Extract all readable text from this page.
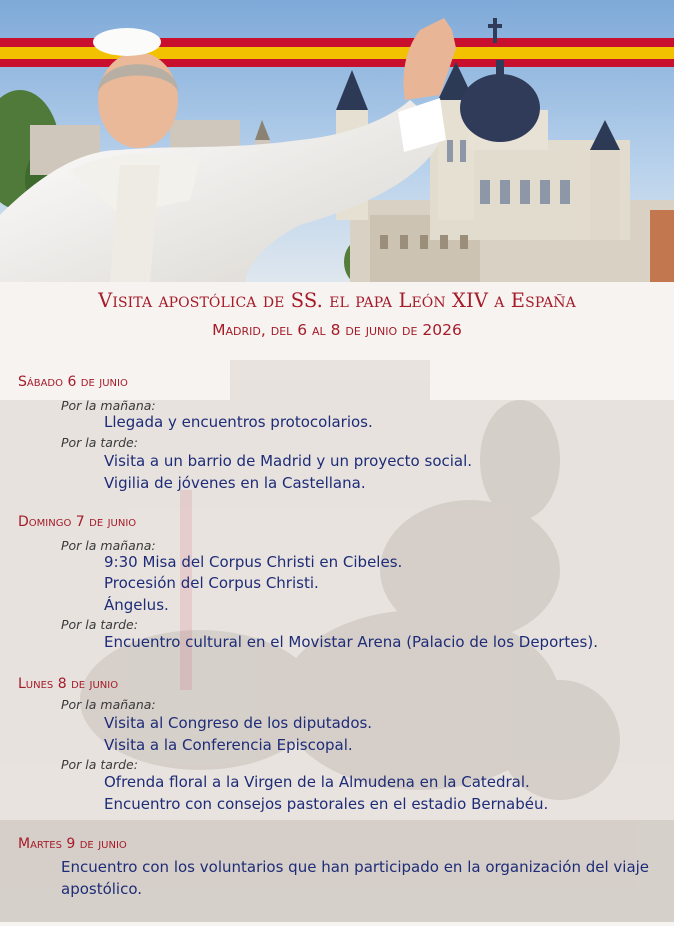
Visita apostólica de SS. el papa León XIV a España
Madrid, del 6 al 8 de junio de 2026
Sábado 6 de junio
Por la mañana:
Llegada y encuentros protocolarios.
Por la tarde:
Visita a un barrio de Madrid y un proyecto social.
Vigilia de jóvenes en la Castellana.
Domingo 7 de junio
Por la mañana:
9:30 Misa del Corpus Christi en Cibeles.
Procesión del Corpus Christi.
Ángelus.
Por la tarde:
Encuentro cultural en el Movistar Arena (Palacio de los Deportes).
Lunes 8 de junio
Por la mañana:
Visita al Congreso de los diputados.
Visita a la Conferencia Episcopal.
Por la tarde:
Ofrenda floral a la Virgen de la Almudena en la Catedral.
Encuentro con consejos pastorales en el estadio Bernabéu.
Martes 9 de junio
Encuentro con los voluntarios que han participado en la organización del viaje apostólico.
